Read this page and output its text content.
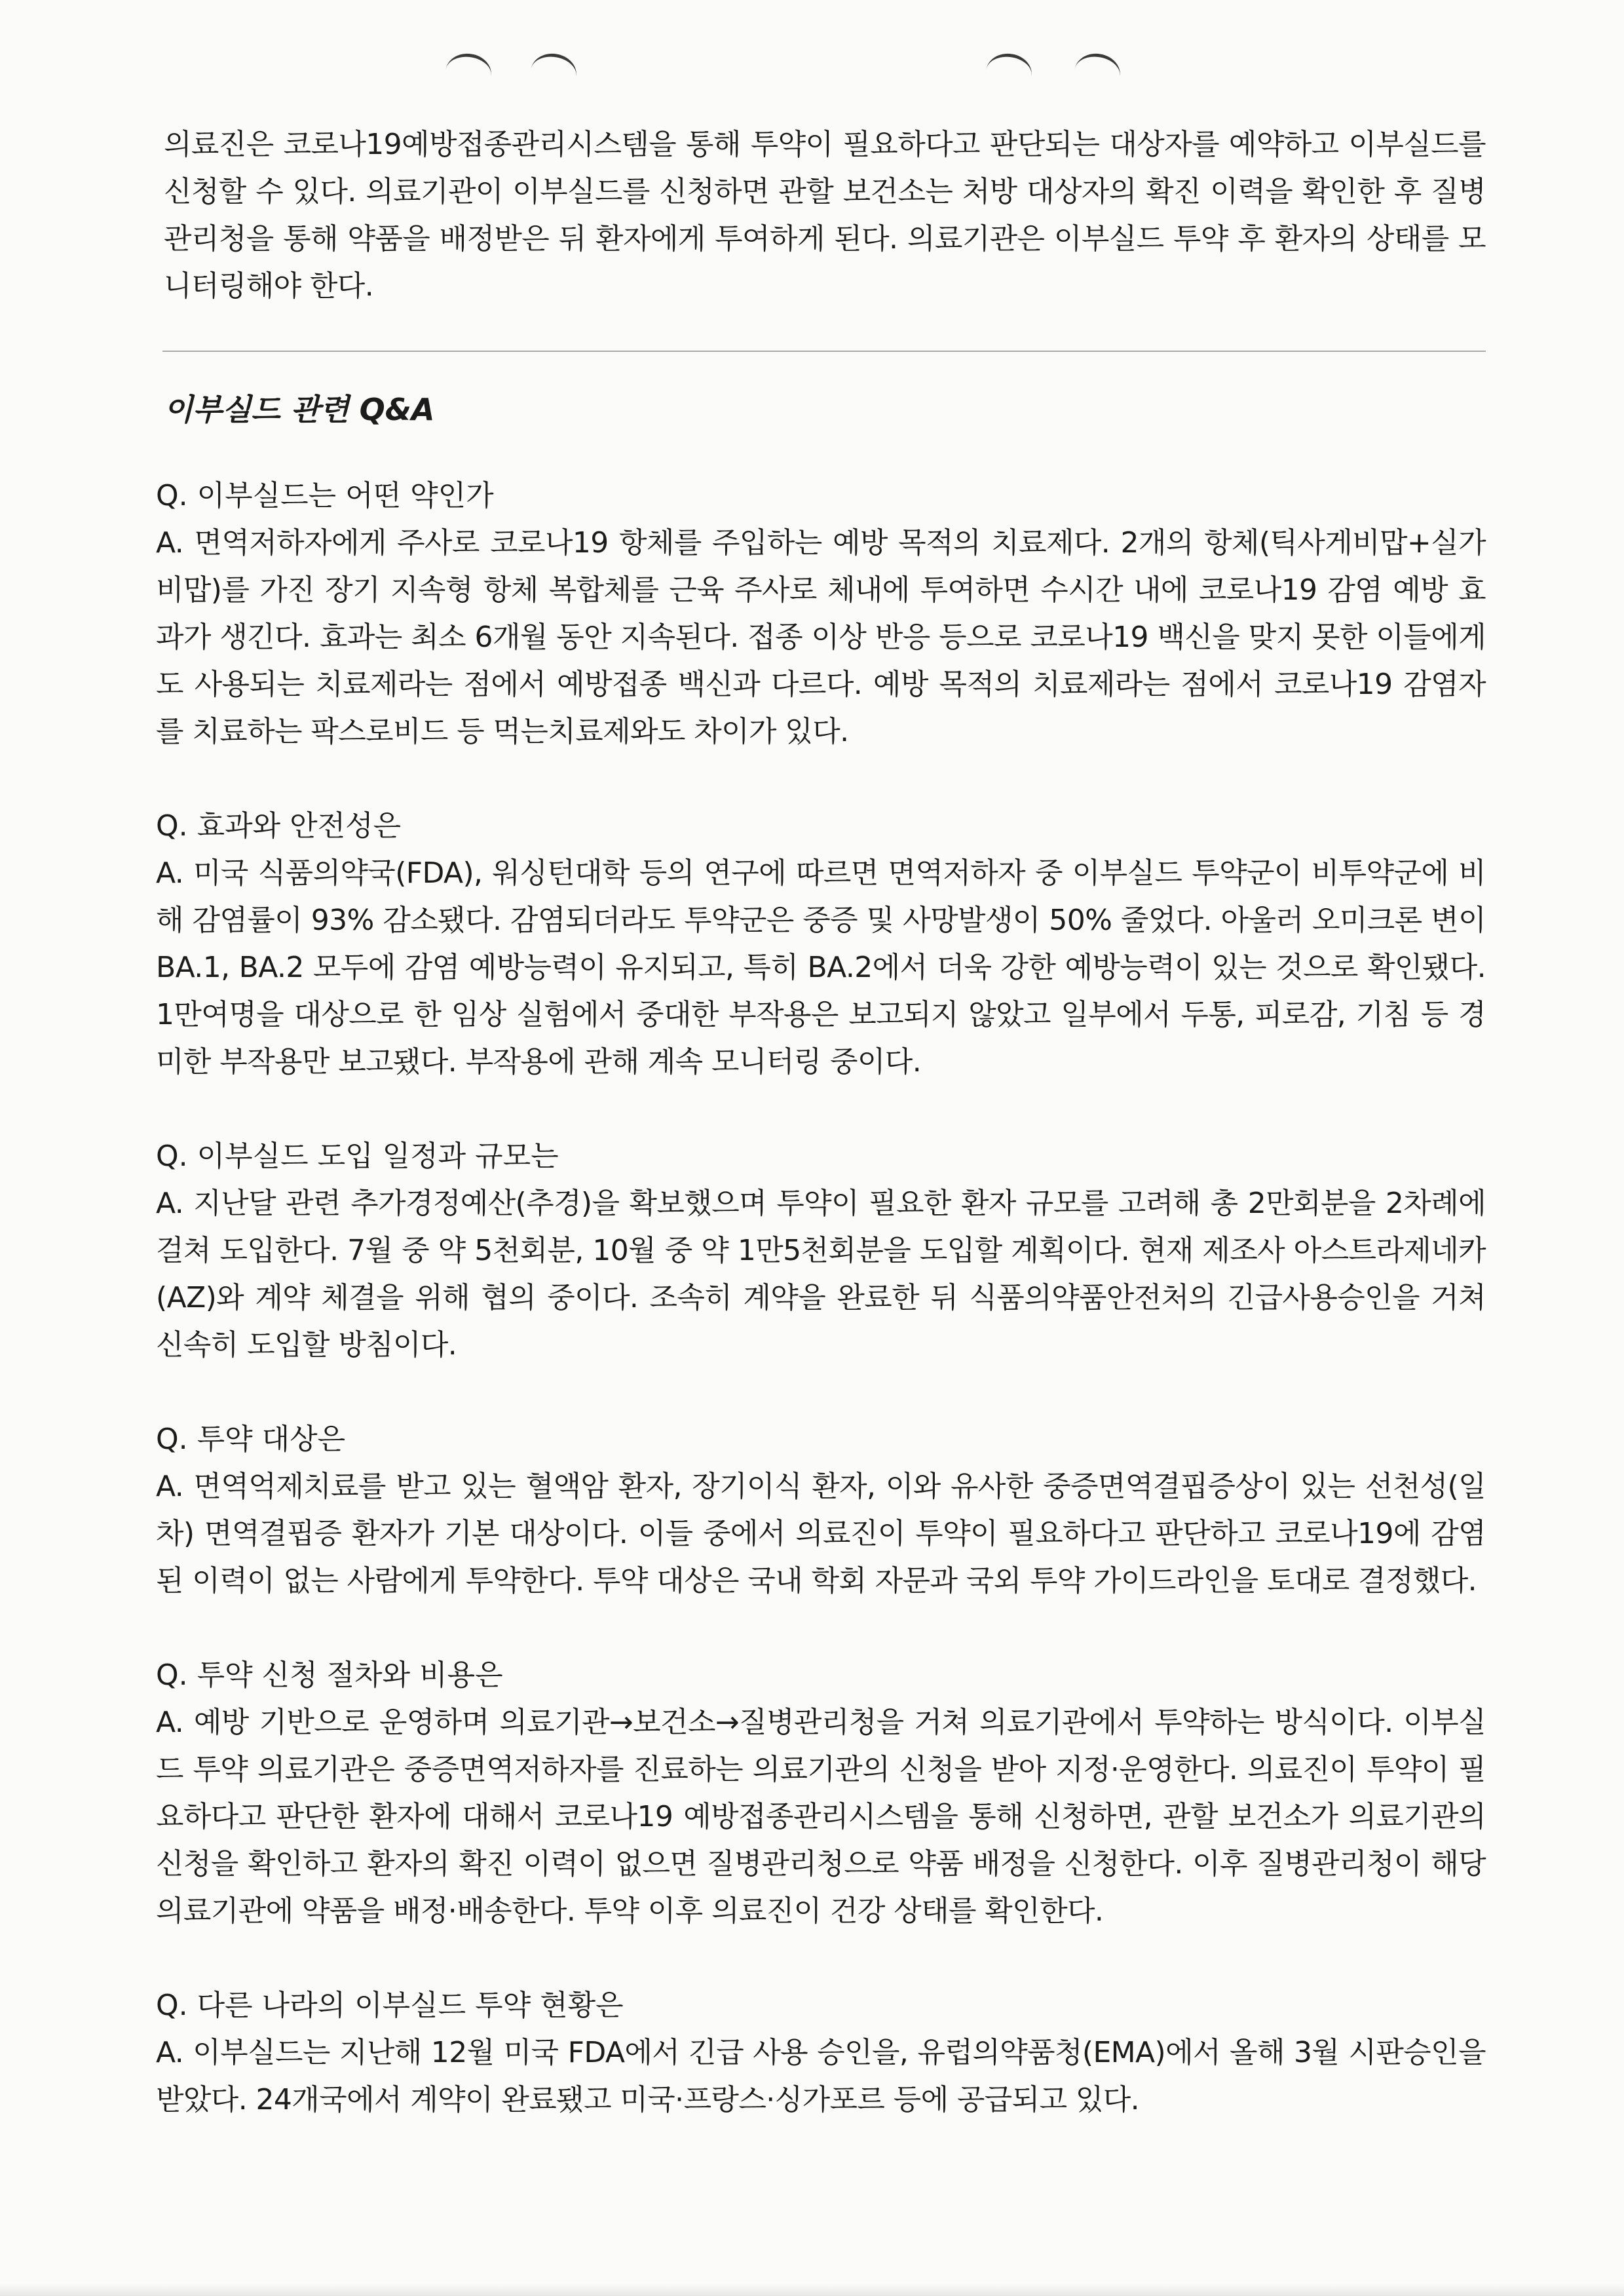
의료진은 코로나19예방접종관리시스템을 통해 투약이 필요하다고 판단되는 대상자를 예약하고 이부실드를 신청할 수 있다. 의료기관이 이부실드를 신청하면 관할 보건소는 처방 대상자의 확진 이력을 확인한 후 질병관리청을 통해 약품을 배정받은 뒤 환자에게 투여하게 된다. 의료기관은 이부실드 투약 후 환자의 상태를 모니터링해야 한다.

이부실드 관련 Q&A

Q. 이부실드는 어떤 약인가

A. 면역저하자에게 주사로 코로나19 항체를 주입하는 예방 목적의 치료제다. 2개의 항체(틱사게비맙+실가비맙)를 가진 장기 지속형 항체 복합체를 근육 주사로 체내에 투여하면 수시간 내에 코로나19 감염 예방 효과가 생긴다. 효과는 최소 6개월 동안 지속된다. 접종 이상 반응 등으로 코로나19 백신을 맞지 못한 이들에게도 사용되는 치료제라는 점에서 예방접종 백신과 다르다. 예방 목적의 치료제라는 점에서 코로나19 감염자를 치료하는 팍스로비드 등 먹는치료제와도 차이가 있다.

Q. 효과와 안전성은

A. 미국 식품의약국(FDA), 워싱턴대학 등의 연구에 따르면 면역저하자 중 이부실드 투약군이 비투약군에 비해 감염률이 93% 감소됐다. 감염되더라도 투약군은 중증 및 사망발생이 50% 줄었다. 아울러 오미크론 변이 BA.1, BA.2 모두에 감염 예방능력이 유지되고, 특히 BA.2에서 더욱 강한 예방능력이 있는 것으로 확인됐다. 1만여명을 대상으로 한 임상 실험에서 중대한 부작용은 보고되지 않았고 일부에서 두통, 피로감, 기침 등 경미한 부작용만 보고됐다. 부작용에 관해 계속 모니터링 중이다.

Q. 이부실드 도입 일정과 규모는

A. 지난달 관련 추가경정예산(추경)을 확보했으며 투약이 필요한 환자 규모를 고려해 총 2만회분을 2차례에 걸쳐 도입한다. 7월 중 약 5천회분, 10월 중 약 1만5천회분을 도입할 계획이다. 현재 제조사 아스트라제네카(AZ)와 계약 체결을 위해 협의 중이다. 조속히 계약을 완료한 뒤 식품의약품안전처의 긴급사용승인을 거쳐 신속히 도입할 방침이다.

Q. 투약 대상은

A. 면역억제치료를 받고 있는 혈액암 환자, 장기이식 환자, 이와 유사한 중증면역결핍증상이 있는 선천성(일차) 면역결핍증 환자가 기본 대상이다. 이들 중에서 의료진이 투약이 필요하다고 판단하고 코로나19에 감염된 이력이 없는 사람에게 투약한다. 투약 대상은 국내 학회 자문과 국외 투약 가이드라인을 토대로 결정했다.

Q. 투약 신청 절차와 비용은

A. 예방 기반으로 운영하며 의료기관→보건소→질병관리청을 거쳐 의료기관에서 투약하는 방식이다. 이부실드 투약 의료기관은 중증면역저하자를 진료하는 의료기관의 신청을 받아 지정·운영한다. 의료진이 투약이 필요하다고 판단한 환자에 대해서 코로나19 예방접종관리시스템을 통해 신청하면, 관할 보건소가 의료기관의 신청을 확인하고 환자의 확진 이력이 없으면 질병관리청으로 약품 배정을 신청한다. 이후 질병관리청이 해당 의료기관에 약품을 배정·배송한다. 투약 이후 의료진이 건강 상태를 확인한다.

Q. 다른 나라의 이부실드 투약 현황은

A. 이부실드는 지난해 12월 미국 FDA에서 긴급 사용 승인을, 유럽의약품청(EMA)에서 올해 3월 시판승인을 받았다. 24개국에서 계약이 완료됐고 미국·프랑스·싱가포르 등에 공급되고 있다.
